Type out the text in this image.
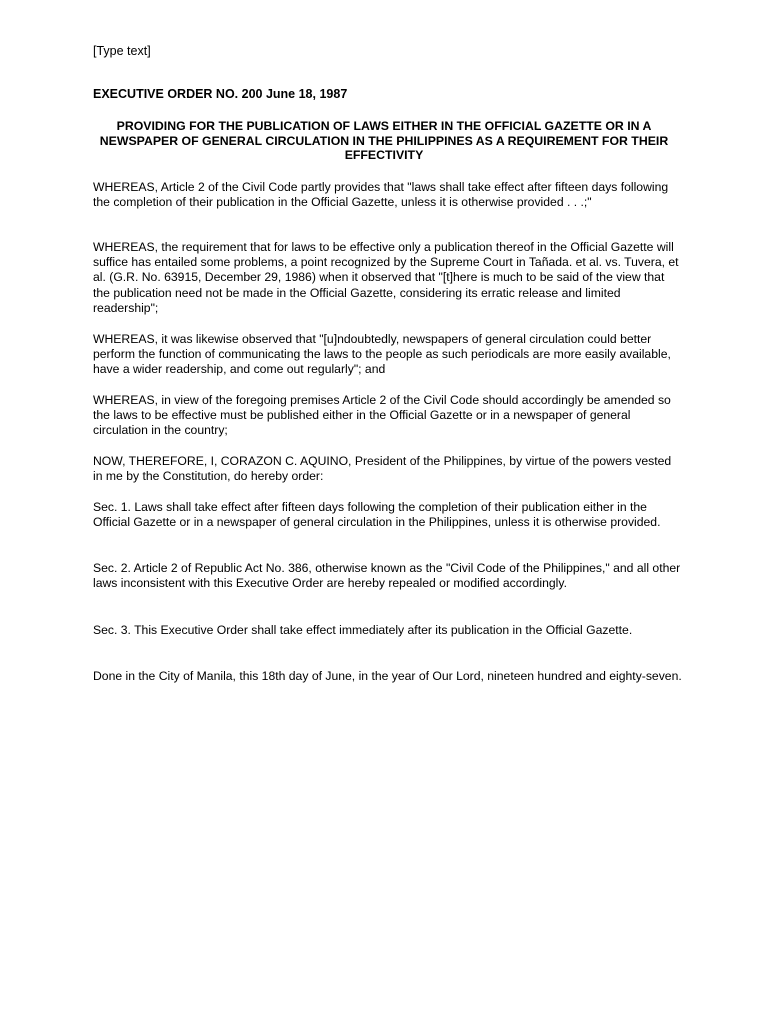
[Type text]
EXECUTIVE ORDER NO. 200 June 18, 1987
PROVIDING FOR THE PUBLICATION OF LAWS EITHER IN THE OFFICIAL GAZETTE OR IN A NEWSPAPER OF GENERAL CIRCULATION IN THE PHILIPPINES AS A REQUIREMENT FOR THEIR EFFECTIVITY
WHEREAS, Article 2 of the Civil Code partly provides that "laws shall take effect after fifteen days following the completion of their publication in the Official Gazette, unless it is otherwise provided . . .;"
WHEREAS, the requirement that for laws to be effective only a publication thereof in the Official Gazette will suffice has entailed some problems, a point recognized by the Supreme Court in Tañada. et al. vs. Tuvera, et al. (G.R. No. 63915, December 29, 1986) when it observed that "[t]here is much to be said of the view that the publication need not be made in the Official Gazette, considering its erratic release and limited readership";
WHEREAS, it was likewise observed that "[u]ndoubtedly, newspapers of general circulation could better perform the function of communicating the laws to the people as such periodicals are more easily available, have a wider readership, and come out regularly"; and
WHEREAS, in view of the foregoing premises Article 2 of the Civil Code should accordingly be amended so the laws to be effective must be published either in the Official Gazette or in a newspaper of general circulation in the country;
NOW, THEREFORE, I, CORAZON C. AQUINO, President of the Philippines, by virtue of the powers vested in me by the Constitution, do hereby order:
Sec. 1. Laws shall take effect after fifteen days following the completion of their publication either in the Official Gazette or in a newspaper of general circulation in the Philippines, unless it is otherwise provided.
Sec. 2. Article 2 of Republic Act No. 386, otherwise known as the "Civil Code of the Philippines," and all other laws inconsistent with this Executive Order are hereby repealed or modified accordingly.
Sec. 3. This Executive Order shall take effect immediately after its publication in the Official Gazette.
Done in the City of Manila, this 18th day of June, in the year of Our Lord, nineteen hundred and eighty-seven.
